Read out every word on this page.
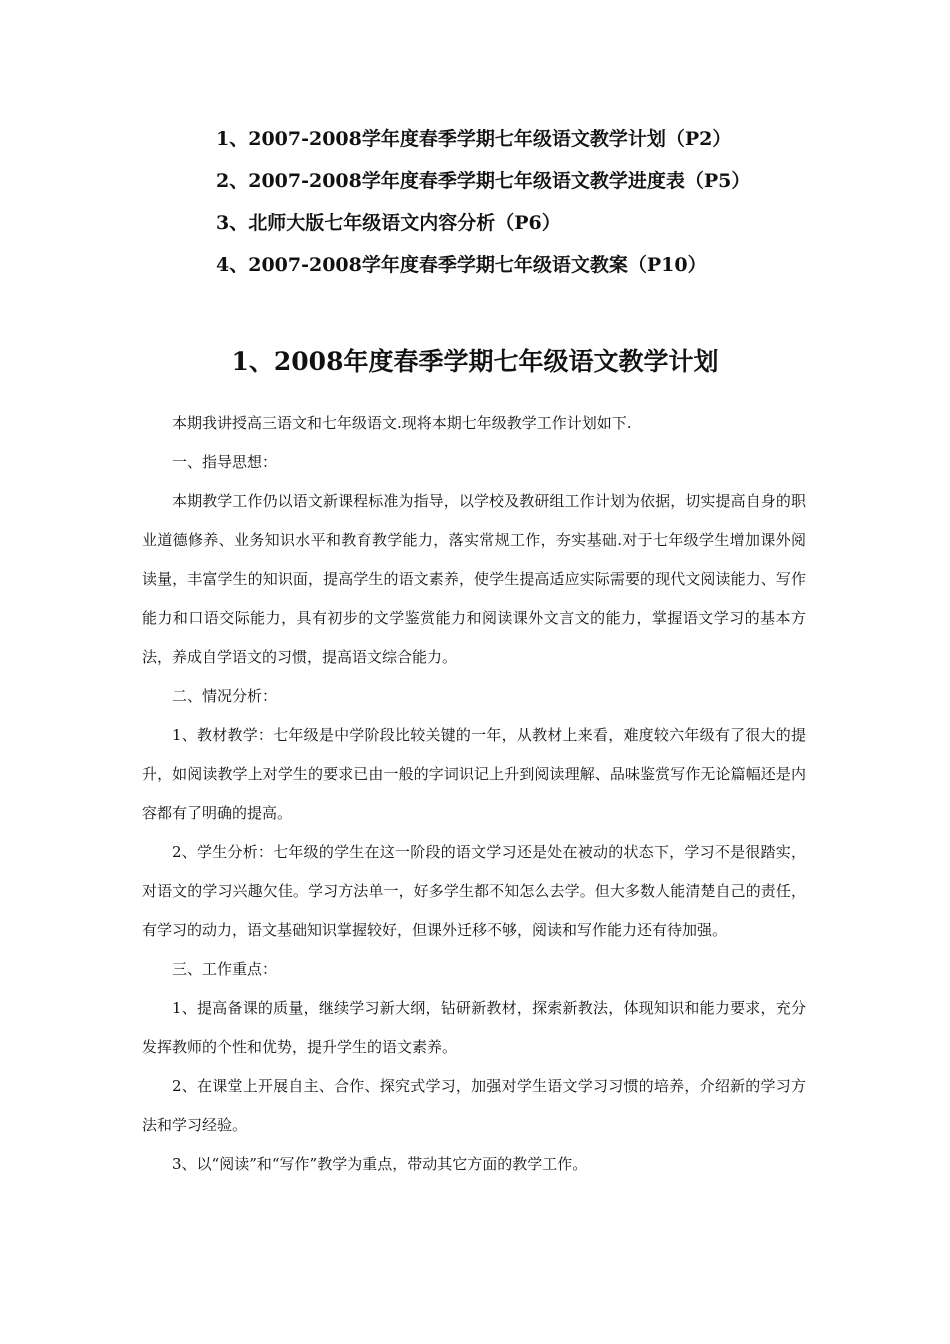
1、2007-2008学年度春季学期七年级语文教学计划（P2）
2、2007-2008学年度春季学期七年级语文教学进度表（P5）
3、北师大版七年级语文内容分析（P6）
4、2007-2008学年度春季学期七年级语文教案（P10）
1、2008年度春季学期七年级语文教学计划

本期我讲授高三语文和七年级语文.现将本期七年级教学工作计划如下.

一、指导思想：

本期教学工作仍以语文新课程标准为指导，以学校及教研组工作计划为依据，切实提高自身的职业道德修养、业务知识水平和教育教学能力，落实常规工作，夯实基础.对于七年级学生增加课外阅读量，丰富学生的知识面，提高学生的语文素养，使学生提高适应实际需要的现代文阅读能力、写作能力和口语交际能力，具有初步的文学鉴赏能力和阅读课外文言文的能力，掌握语文学习的基本方法，养成自学语文的习惯，提高语文综合能力。

二、情况分析：

1、教材教学：七年级是中学阶段比较关键的一年，从教材上来看，难度较六年级有了很大的提升，如阅读教学上对学生的要求已由一般的字词识记上升到阅读理解、品味鉴赏写作无论篇幅还是内容都有了明确的提高。

2、学生分析：七年级的学生在这一阶段的语文学习还是处在被动的状态下，学习不是很踏实，对语文的学习兴趣欠佳。学习方法单一，好多学生都不知怎么去学。但大多数人能清楚自己的责任，有学习的动力，语文基础知识掌握较好，但课外迁移不够，阅读和写作能力还有待加强。

三、工作重点：

1、提高备课的质量，继续学习新大纲，钻研新教材，探索新教法，体现知识和能力要求，充分发挥教师的个性和优势，提升学生的语文素养。

2、在课堂上开展自主、合作、探究式学习，加强对学生语文学习习惯的培养，介绍新的学习方法和学习经验。

3、以“阅读”和“写作”教学为重点，带动其它方面的教学工作。
